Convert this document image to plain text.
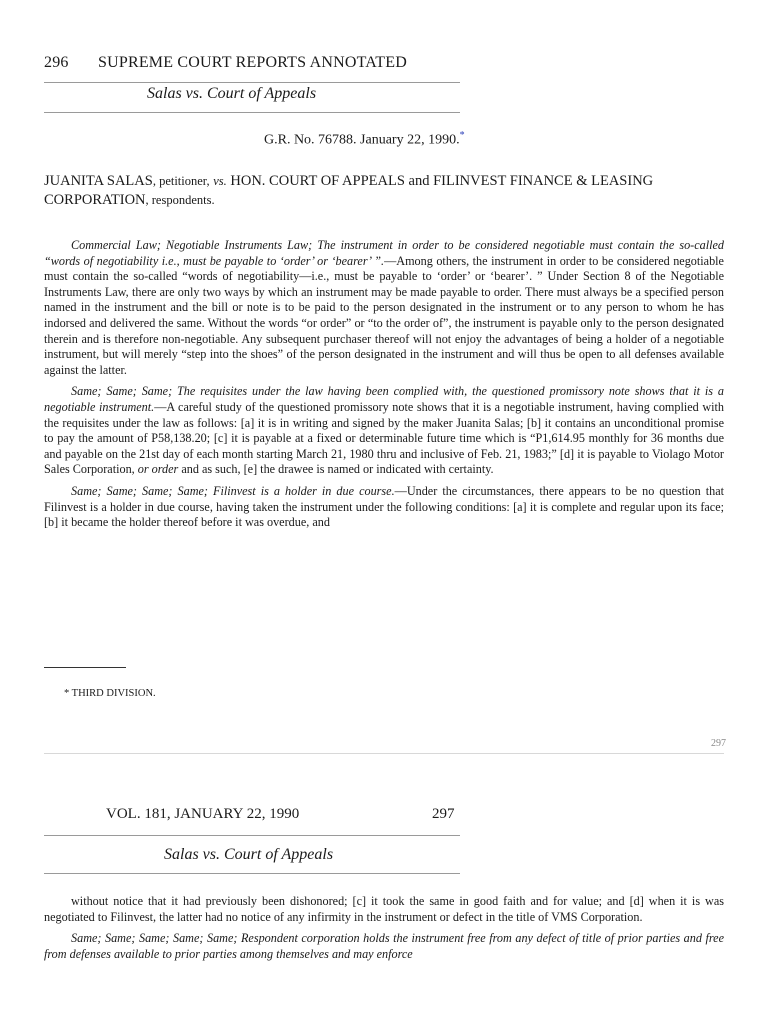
296 SUPREME COURT REPORTS ANNOTATED
Salas vs. Court of Appeals
G.R. No. 76788. January 22, 1990.*
JUANITA SALAS, petitioner, vs. HON. COURT OF APPEALS and FILINVEST FINANCE & LEASING CORPORATION, respondents.

Commercial Law; Negotiable Instruments Law; The instrument in order to be considered negotiable must contain the so-called “words of negotiability i.e., must be payable to ‘order’ or ‘bearer’ ”.—Among others, the instrument in order to be considered negotiable must contain the so-called “words of negotiability—i.e., must be payable to ‘order’ or ‘bearer’. ” Under Section 8 of the Negotiable Instruments Law, there are only two ways by which an instrument may be made payable to order. There must always be a specified person named in the instrument and the bill or note is to be paid to the person designated in the instrument or to any person to whom he has indorsed and delivered the same. Without the words “or order” or “to the order of”, the instrument is payable only to the person designated therein and is therefore non-negotiable. Any subsequent purchaser thereof will not enjoy the advantages of being a holder of a negotiable instrument, but will merely “step into the shoes” of the person designated in the instrument and will thus be open to all defenses available against the latter.

Same; Same; Same; The requisites under the law having been complied with, the questioned promissory note shows that it is a negotiable instrument.—A careful study of the questioned promissory note shows that it is a negotiable instrument, having complied with the requisites under the law as follows: [a] it is in writing and signed by the maker Juanita Salas; [b] it contains an unconditional promise to pay the amount of P58,138.20; [c] it is payable at a fixed or determinable future time which is “P1,614.95 monthly for 36 months due and payable on the 21st day of each month starting March 21, 1980 thru and inclusive of Feb. 21, 1983;” [d] it is payable to Violago Motor Sales Corporation, or order and as such, [e] the drawee is named or indicated with certainty.

Same; Same; Same; Same; Filinvest is a holder in due course.—Under the circumstances, there appears to be no question that Filinvest is a holder in due course, having taken the instrument under the following conditions: [a] it is complete and regular upon its face; [b] it became the holder thereof before it was overdue, and

* THIRD DIVISION.
297
VOL. 181, JANUARY 22, 1990	297
Salas vs. Court of Appeals

without notice that it had previously been dishonored; [c] it took the same in good faith and for value; and [d] when it is was negotiated to Filinvest, the latter had no notice of any infirmity in the instrument or defect in the title of VMS Corporation.

Same; Same; Same; Same; Same; Respondent corporation holds the instrument free from any defect of title of prior parties and free from defenses available to prior parties among themselves and may enforce
